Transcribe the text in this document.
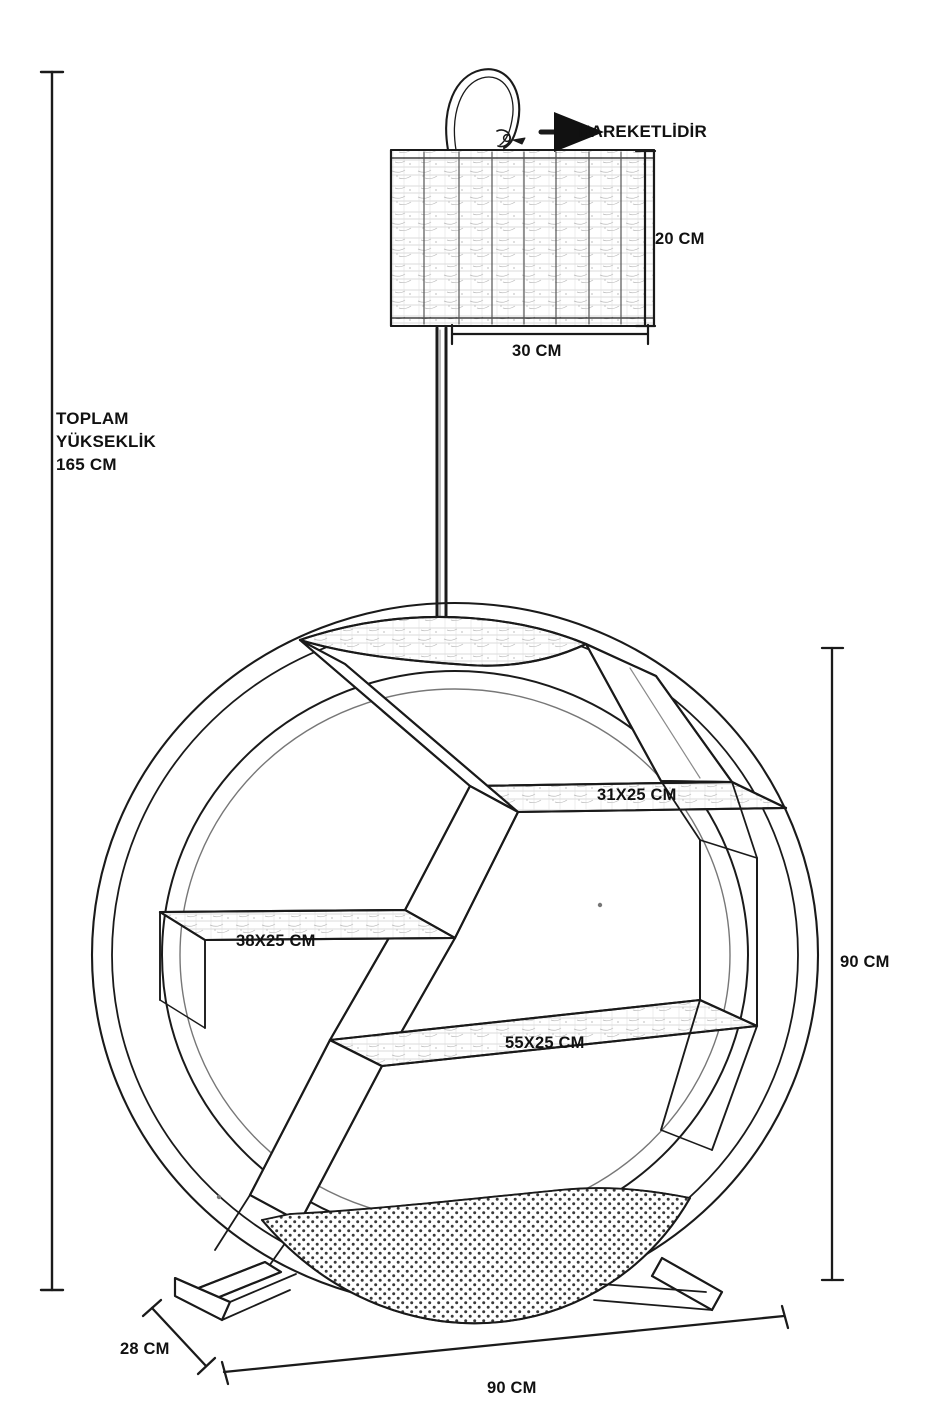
HAREKETLİDİR
20 CM
30 CM
TOPLAM
YÜKSEKLİK
165 CM
31X25 CM
38X25 CM
55X25 CM
90 CM
28 CM
90 CM
